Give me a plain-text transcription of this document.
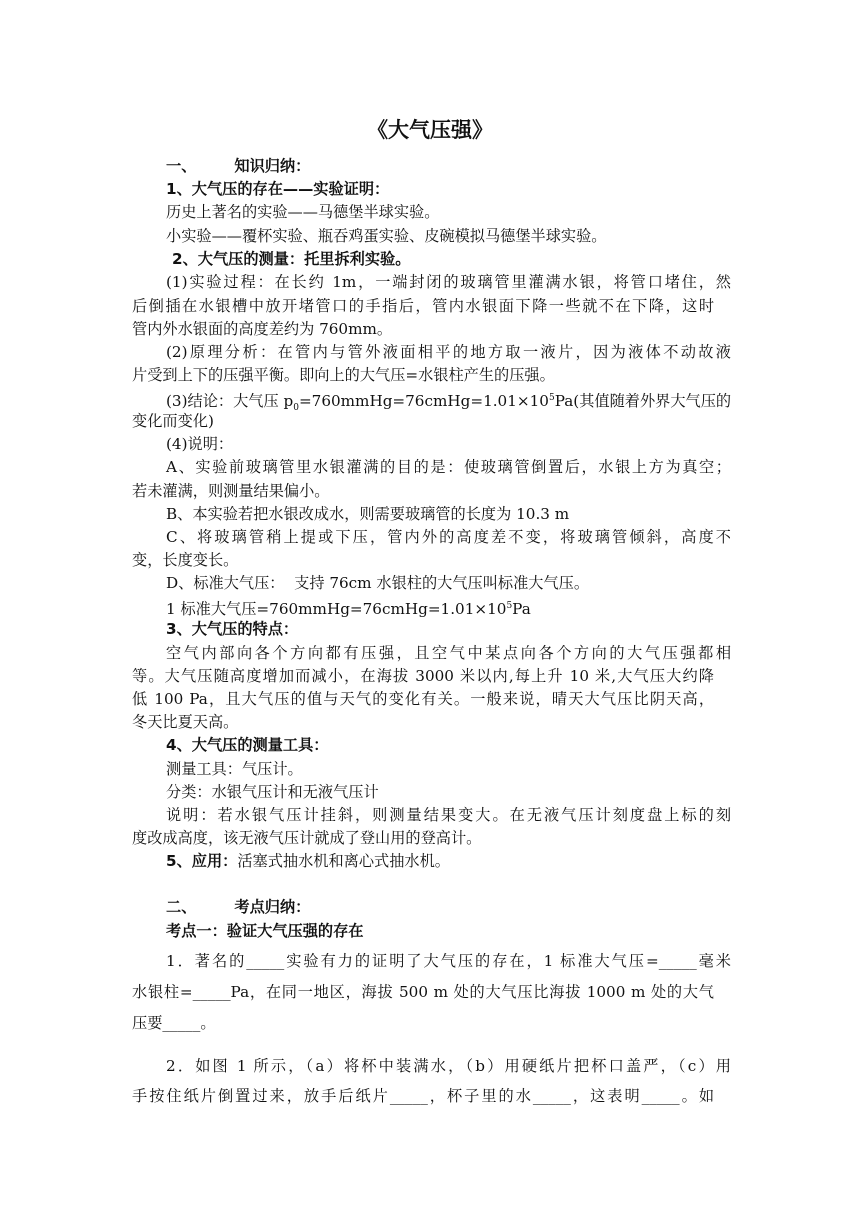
《大气压强》
一、	知识归纳：
1、大气压的存在——实验证明：
历史上著名的实验——马德堡半球实验。
小实验——覆杯实验、瓶吞鸡蛋实验、皮碗模拟马德堡半球实验。
2、大气压的测量：托里拆利实验。
(1)实验过程：在长约 1m，一端封闭的玻璃管里灌满水银，将管口堵住，然
后倒插在水银槽中放开堵管口的手指后，管内水银面下降一些就不在下降，这时
管内外水银面的高度差约为 760mm。
(2)原理分析：在管内与管外液面相平的地方取一液片，因为液体不动故液
片受到上下的压强平衡。即向上的大气压=水银柱产生的压强。
(3)结论：大气压 $p_0=760mmHg=76cmHg=1.01\times 10^5Pa$(其值随着外界大气压的
变化而变化)
(4)说明：
A、实验前玻璃管里水银灌满的目的是：使玻璃管倒置后，水银上方为真空；
若未灌满，则测量结果偏小。
B、本实验若把水银改成水，则需要玻璃管的长度为 10.3 m
C、将玻璃管稍上提或下压，管内外的高度差不变，将玻璃管倾斜，高度不
变，长度变长。
D、标准大气压：  支持 76cm 水银柱的大气压叫标准大气压。
1 标准大气压$=760mmHg=76cmHg=1.01\times 10^5Pa$
3、大气压的特点：
空气内部向各个方向都有压强，且空气中某点向各个方向的大气压强都相
等。大气压随高度增加而减小，在海拔 3000 米以内,每上升 10 米,大气压大约降
低 100 Pa，且大气压的值与天气的变化有关。一般来说，晴天大气压比阴天高，
冬天比夏天高。
4、大气压的测量工具：
测量工具：气压计。
分类：水银气压计和无液气压计
说明：若水银气压计挂斜，则测量结果变大。在无液气压计刻度盘上标的刻
度改成高度，该无液气压计就成了登山用的登高计。
5、应用：活塞式抽水机和离心式抽水机。
二、	考点归纳：
考点一：验证大气压强的存在
1．著名的_____实验有力的证明了大气压的存在，1 标准大气压=_____毫米
水银柱=_____Pa，在同一地区，海拔 500 m 处的大气压比海拔 1000 m 处的大气
压要_____。
2．如图 1 所示，（a）将杯中装满水，（b）用硬纸片把杯口盖严，（c）用
手按住纸片倒置过来，放手后纸片_____，杯子里的水_____，这表明_____。如
